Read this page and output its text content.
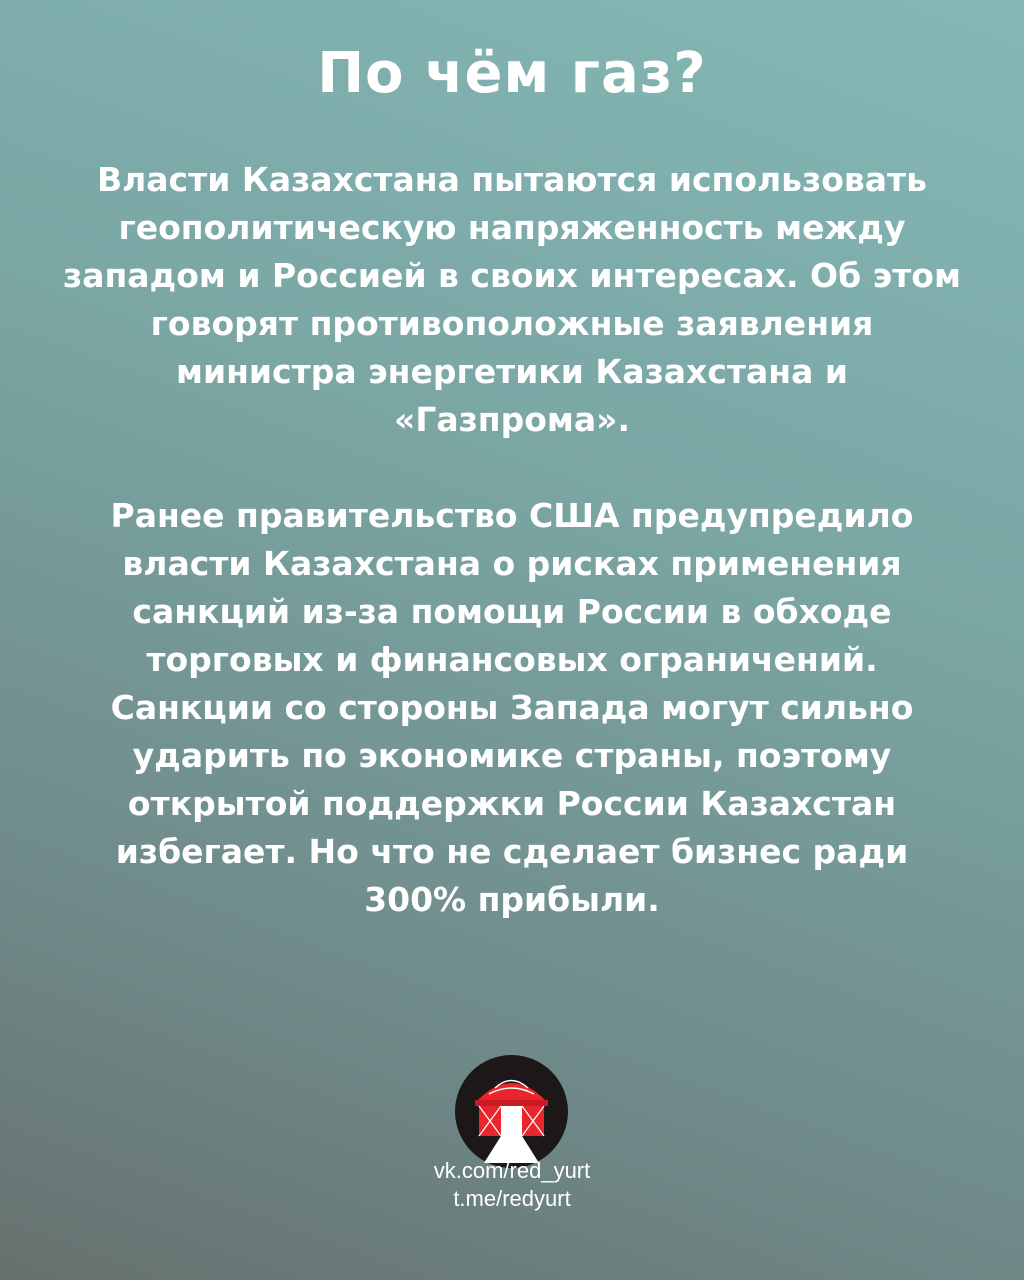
По чём газ?

Власти Казахстана пытаются использовать геополитическую напряженность между западом и Россией в своих интересах. Об этом говорят противоположные заявления министра энергетики Казахстана и «Газпрома».

Ранее правительство США предупредило власти Казахстана о рисках применения санкций из-за помощи России в обходе торговых и финансовых ограничений. Санкции со стороны Запада могут сильно ударить по экономике страны, поэтому открытой поддержки России Казахстан избегает. Но что не сделает бизнес ради 300% прибыли.

vk.com/red_yurt
t.me/redyurt
